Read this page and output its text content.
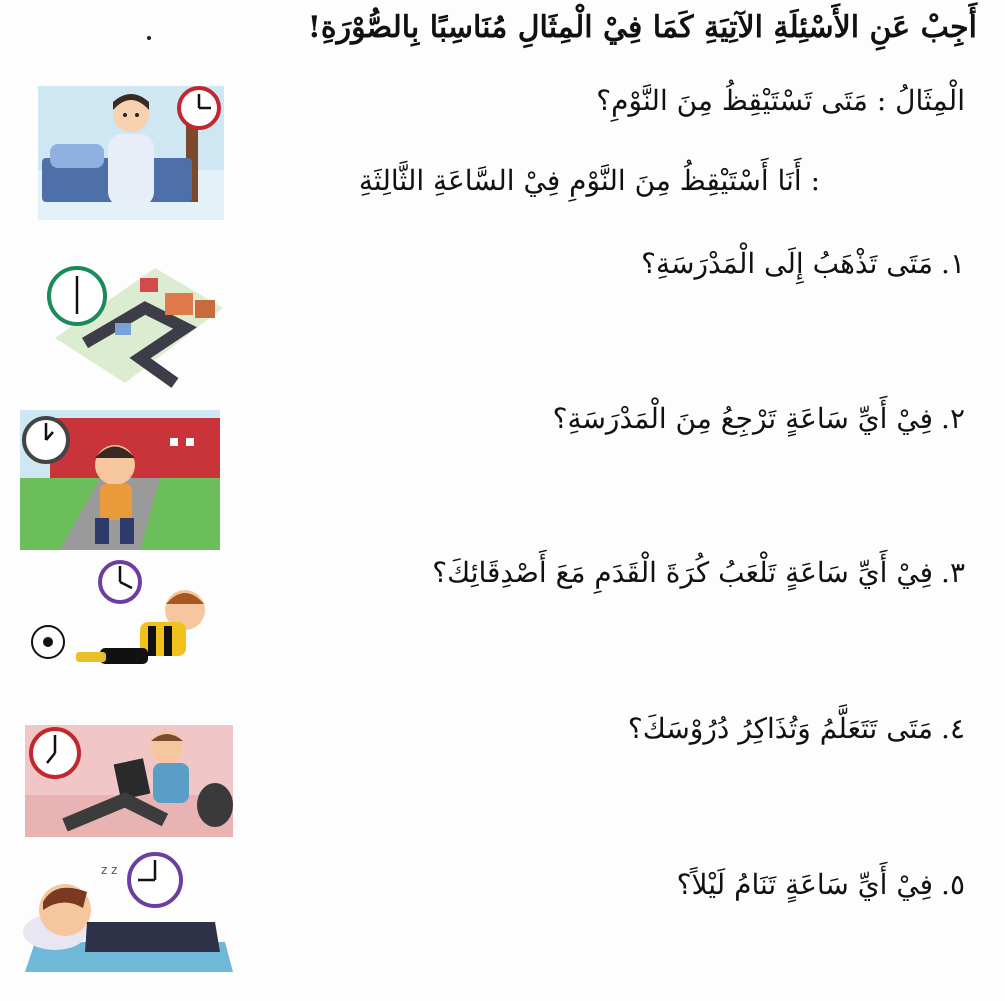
أَجِبْ عَنِ الأَسْئِلَةِ الآتِيَةِ كَمَا فِيْ الْمِثَالِ مُنَاسِبًا بِالصُّوْرَةِ!
الْمِثَالُ : مَتَى تَسْتَيْقِظُ مِنَ النَّوْمِ؟
: أَنَا أَسْتَيْقِظُ مِنَ النَّوْمِ فِيْ السَّاعَةِ الثَّالِثَةِ
١.مَتَى تَذْهَبُ إِلَى الْمَدْرَسَةِ؟
٢.فِيْ أَيِّ سَاعَةٍ تَرْجِعُ مِنَ الْمَدْرَسَةِ؟
٣.فِيْ أَيِّ سَاعَةٍ تَلْعَبُ كُرَةَ الْقَدَمِ مَعَ أَصْدِقَائِكَ؟
٤.مَتَى تَتَعَلَّمُ وَتُذَاكِرُ دُرُوْسَكَ؟
٥.فِيْ أَيِّ سَاعَةٍ تَنَامُ لَيْلاً؟
z z
